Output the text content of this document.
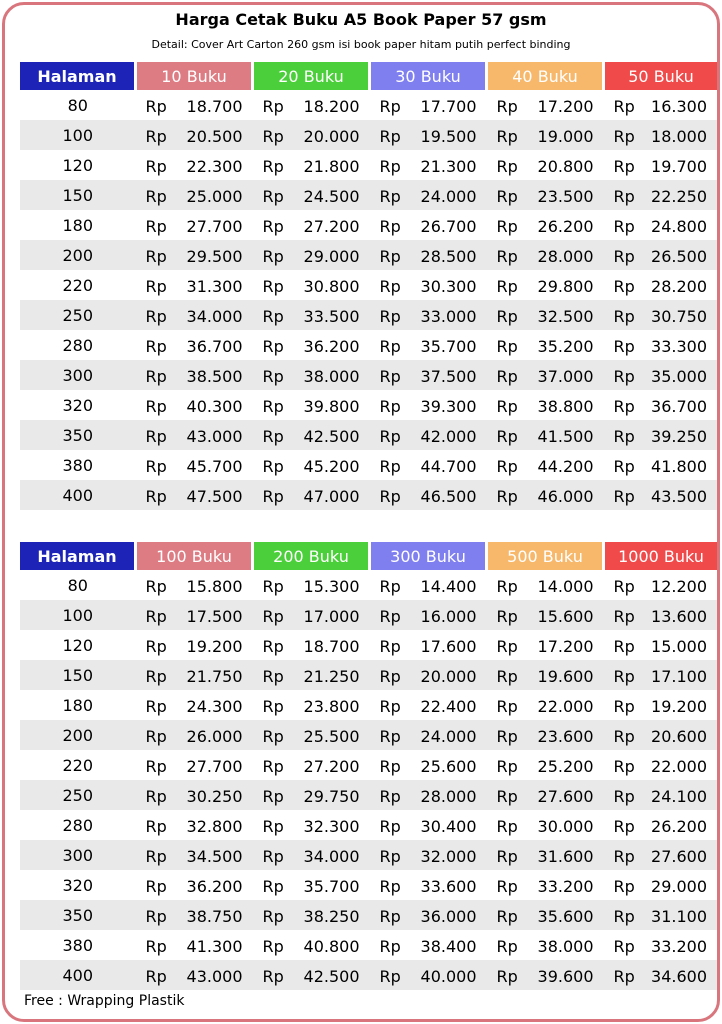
Harga Cetak Buku A5 Book Paper 57 gsm
Detail: Cover Art Carton 260 gsm isi book paper hitam putih perfect binding
Halaman	10 Buku	20 Buku	30 Buku	40 Buku	50 Buku
80	Rp 18.700	Rp 18.200	Rp 17.700	Rp 17.200	Rp 16.300

100	Rp 20.500	Rp 20.000	Rp 19.500	Rp 19.000	Rp 18.000

120	Rp 22.300	Rp 21.800	Rp 21.300	Rp 20.800	Rp 19.700

150	Rp 25.000	Rp 24.500	Rp 24.000	Rp 23.500	Rp 22.250

180	Rp 27.700	Rp 27.200	Rp 26.700	Rp 26.200	Rp 24.800

200	Rp 29.500	Rp 29.000	Rp 28.500	Rp 28.000	Rp 26.500

220	Rp 31.300	Rp 30.800	Rp 30.300	Rp 29.800	Rp 28.200

250	Rp 34.000	Rp 33.500	Rp 33.000	Rp 32.500	Rp 30.750

280	Rp 36.700	Rp 36.200	Rp 35.700	Rp 35.200	Rp 33.300

300	Rp 38.500	Rp 38.000	Rp 37.500	Rp 37.000	Rp 35.000

320	Rp 40.300	Rp 39.800	Rp 39.300	Rp 38.800	Rp 36.700

350	Rp 43.000	Rp 42.500	Rp 42.000	Rp 41.500	Rp 39.250

380	Rp 45.700	Rp 45.200	Rp 44.700	Rp 44.200	Rp 41.800

400	Rp 47.500	Rp 47.000	Rp 46.500	Rp 46.000	Rp 43.500
Halaman	100 Buku	200 Buku	300 Buku	500 Buku	1000 Buku
80	Rp 15.800	Rp 15.300	Rp 14.400	Rp 14.000	Rp 12.200

100	Rp 17.500	Rp 17.000	Rp 16.000	Rp 15.600	Rp 13.600

120	Rp 19.200	Rp 18.700	Rp 17.600	Rp 17.200	Rp 15.000

150	Rp 21.750	Rp 21.250	Rp 20.000	Rp 19.600	Rp 17.100

180	Rp 24.300	Rp 23.800	Rp 22.400	Rp 22.000	Rp 19.200

200	Rp 26.000	Rp 25.500	Rp 24.000	Rp 23.600	Rp 20.600

220	Rp 27.700	Rp 27.200	Rp 25.600	Rp 25.200	Rp 22.000

250	Rp 30.250	Rp 29.750	Rp 28.000	Rp 27.600	Rp 24.100

280	Rp 32.800	Rp 32.300	Rp 30.400	Rp 30.000	Rp 26.200

300	Rp 34.500	Rp 34.000	Rp 32.000	Rp 31.600	Rp 27.600

320	Rp 36.200	Rp 35.700	Rp 33.600	Rp 33.200	Rp 29.000

350	Rp 38.750	Rp 38.250	Rp 36.000	Rp 35.600	Rp 31.100

380	Rp 41.300	Rp 40.800	Rp 38.400	Rp 38.000	Rp 33.200

400	Rp 43.000	Rp 42.500	Rp 40.000	Rp 39.600	Rp 34.600
Free : Wrapping Plastik
